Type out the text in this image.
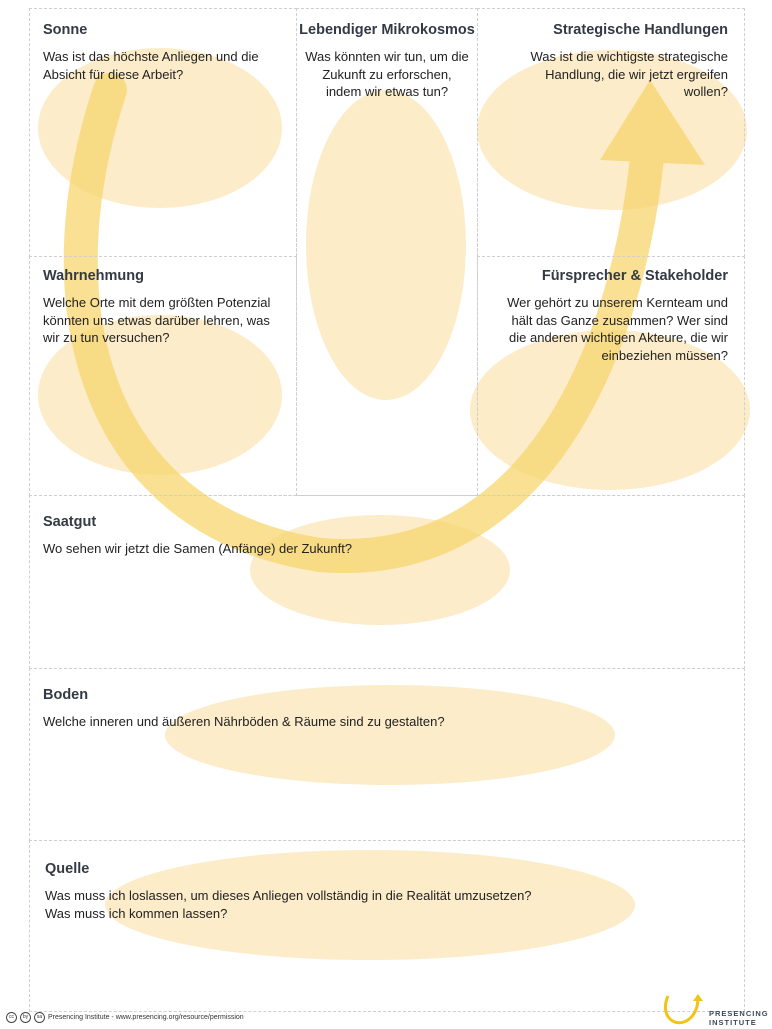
Sonne
Was ist das höchste Anliegen und die
Absicht für diese Arbeit?
Lebendiger Mikrokosmos
Was könnten wir tun, um die
Zukunft zu erforschen,
indem wir etwas tun?
Strategische Handlungen
Was ist die wichtigste strategische
Handlung, die wir jetzt ergreifen
wollen?
Wahrnehmung
Welche Orte mit dem größten Potenzial
könnten uns etwas darüber lehren, was
wir zu tun versuchen?
Fürsprecher & Stakeholder
Wer gehört zu unserem Kernteam und
hält das Ganze zusammen? Wer sind
die anderen wichtigen Akteure, die wir
einbeziehen müssen?
Saatgut
Wo sehen wir jetzt die Samen (Anfänge) der Zukunft?
Boden
Welche inneren und äußeren Nährböden & Räume sind zu gestalten?
Quelle
Was muss ich loslassen, um dieses Anliegen vollständig in die Realität umzusetzen?
Was muss ich kommen lassen?
cc	by	sa Presencing Institute - www.presencing.org/resource/permission	PRESENCING
INSTITUTE
